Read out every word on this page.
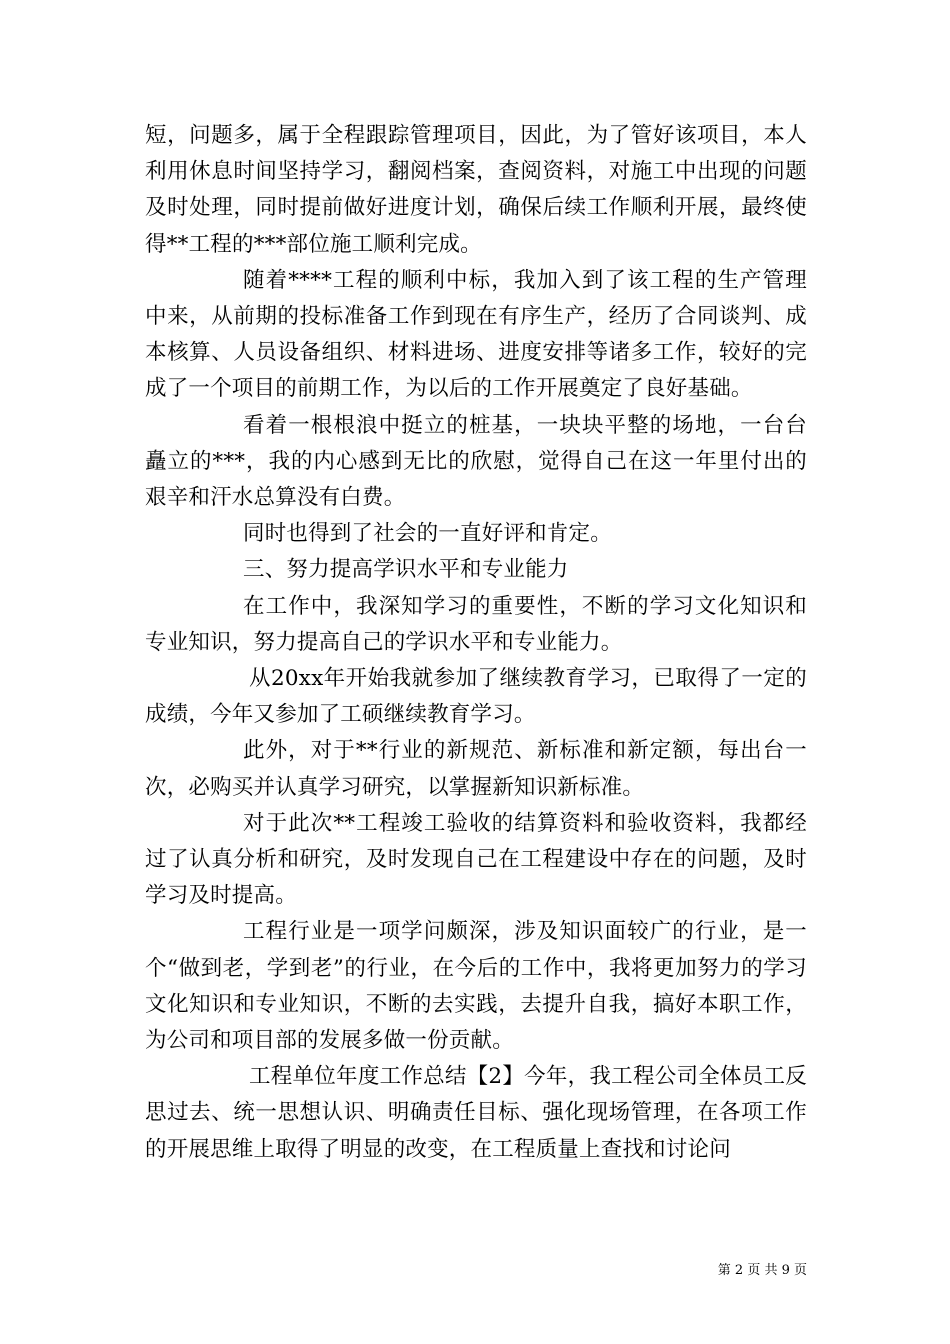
短，问题多，属于全程跟踪管理项目，因此，为了管好该项目，本人利用休息时间坚持学习，翻阅档案，查阅资料，对施工中出现的问题及时处理，同时提前做好进度计划，确保后续工作顺利开展，最终使得**工程的***部位施工顺利完成。

随着****工程的顺利中标，我加入到了该工程的生产管理中来，从前期的投标准备工作到现在有序生产，经历了合同谈判、成本核算、人员设备组织、材料进场、进度安排等诸多工作，较好的完成了一个项目的前期工作，为以后的工作开展奠定了良好基础。

看着一根根浪中挺立的桩基，一块块平整的场地，一台台矗立的***，我的内心感到无比的欣慰，觉得自己在这一年里付出的艰辛和汗水总算没有白费。

同时也得到了社会的一直好评和肯定。

三、努力提高学识水平和专业能力

在工作中，我深知学习的重要性，不断的学习文化知识和专业知识，努力提高自己的学识水平和专业能力。

从20xx年开始我就参加了继续教育学习，已取得了一定的成绩，今年又参加了工硕继续教育学习。

此外，对于**行业的新规范、新标准和新定额，每出台一次，必购买并认真学习研究，以掌握新知识新标准。

对于此次**工程竣工验收的结算资料和验收资料，我都经过了认真分析和研究，及时发现自己在工程建设中存在的问题，及时学习及时提高。

工程行业是一项学问颇深，涉及知识面较广的行业，是一个“做到老，学到老”的行业，在今后的工作中，我将更加努力的学习文化知识和专业知识，不断的去实践，去提升自我，搞好本职工作，为公司和项目部的发展多做一份贡献。

工程单位年度工作总结【2】今年，我工程公司全体员工反思过去、统一思想认识、明确责任目标、强化现场管理，在各项工作的开展思维上取得了明显的改变，在工程质量上查找和讨论问

第 2 页 共 9 页
